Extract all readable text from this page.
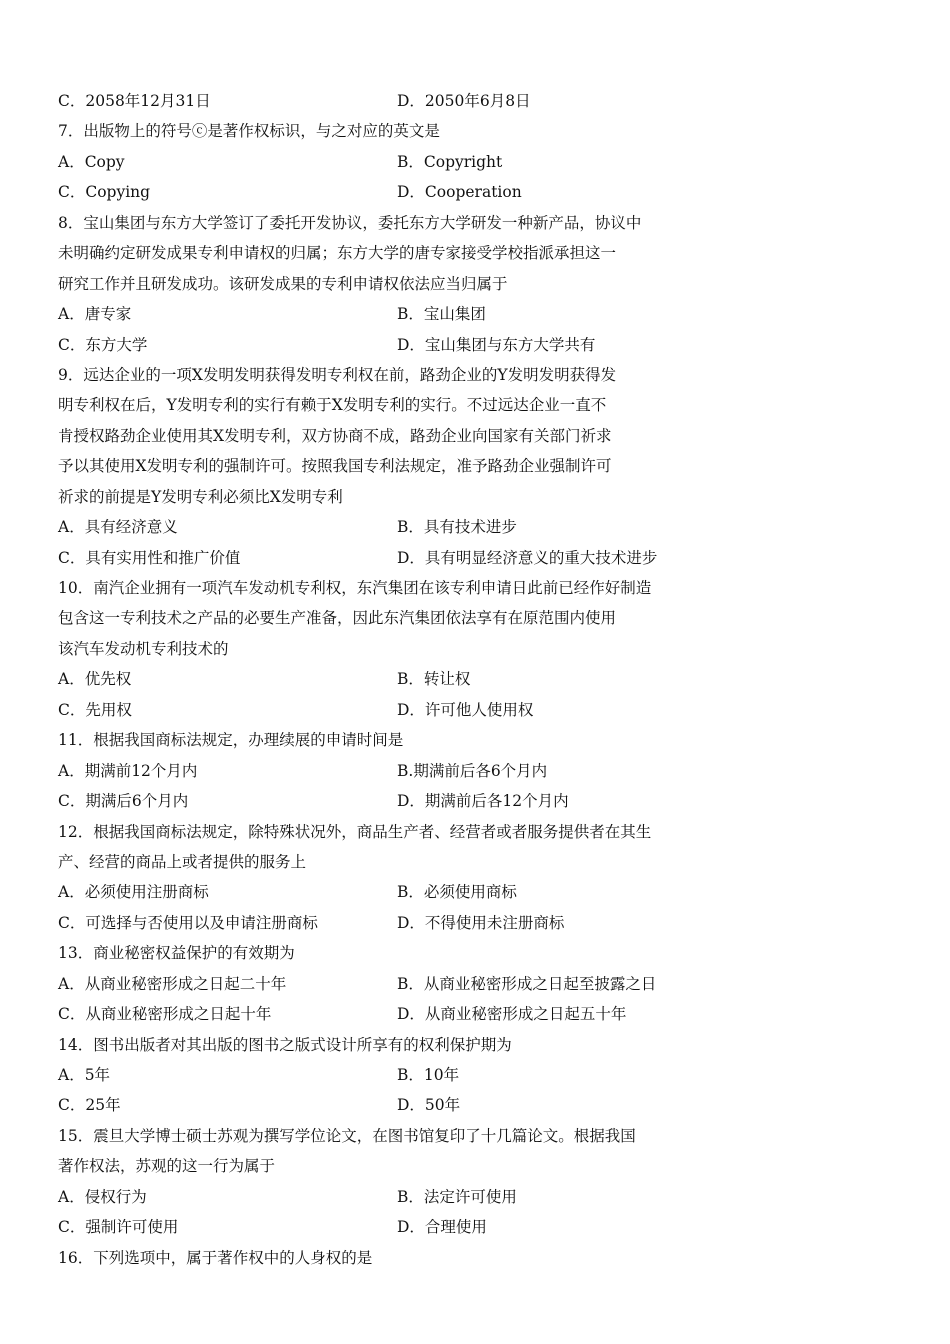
C．2058年12月31日	D．2050年6月8日
7．出版物上的符号ⓒ是著作权标识，与之对应的英文是
A．Copy	B．Copyright
C．Copying	D．Cooperation
8．宝山集团与东方大学签订了委托开发协议，委托东方大学研发一种新产品，协议中
未明确约定研发成果专利申请权的归属；东方大学的唐专家接受学校指派承担这一
研究工作并且研发成功。该研发成果的专利申请权依法应当归属于
A．唐专家	B．宝山集团
C．东方大学	D．宝山集团与东方大学共有
9．远达企业的一项X发明发明获得发明专利权在前，路劲企业的Y发明发明获得发
明专利权在后，Y发明专利的实行有赖于X发明专利的实行。不过远达企业一直不
肯授权路劲企业使用其X发明专利，双方协商不成，路劲企业向国家有关部门祈求
予以其使用X发明专利的强制许可。按照我国专利法规定，准予路劲企业强制许可
祈求的前提是Y发明专利必须比X发明专利
A．具有经济意义	B．具有技术进步
C．具有实用性和推广价值	D．具有明显经济意义的重大技术进步
10．南汽企业拥有一项汽车发动机专利权，东汽集团在该专利申请日此前已经作好制造
包含这一专利技术之产品的必要生产准备，因此东汽集团依法享有在原范围内使用
该汽车发动机专利技术的
A．优先权	B．转让权
C．先用权	D．许可他人使用权
11．根据我国商标法规定，办理续展的申请时间是
A．期满前12个月内	B.期满前后各6个月内
C．期满后6个月内	D．期满前后各12个月内
12．根据我国商标法规定，除特殊状况外，商品生产者、经营者或者服务提供者在其生
产、经营的商品上或者提供的服务上
A．必须使用注册商标	B．必须使用商标
C．可选择与否使用以及申请注册商标	D．不得使用未注册商标
13．商业秘密权益保护的有效期为
A．从商业秘密形成之日起二十年	B．从商业秘密形成之日起至披露之日
C．从商业秘密形成之日起十年	D．从商业秘密形成之日起五十年
14．图书出版者对其出版的图书之版式设计所享有的权利保护期为
A．5年	B．10年
C．25年	D．50年
15．震旦大学博士硕士苏观为撰写学位论文，在图书馆复印了十几篇论文。根据我国
著作权法，苏观的这一行为属于
A．侵权行为	B．法定许可使用
C．强制许可使用	D．合理使用
16．下列选项中，属于著作权中的人身权的是
